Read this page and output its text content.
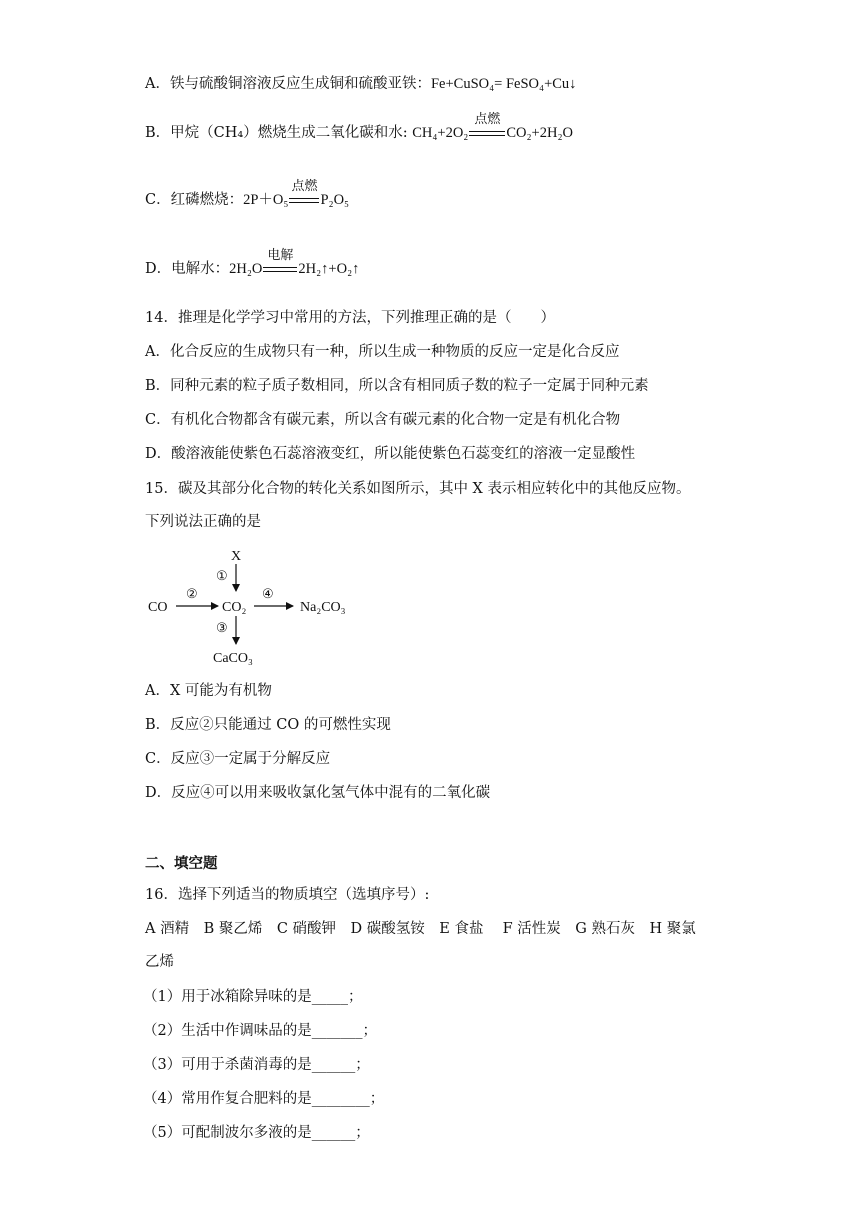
A．铁与硫酸铜溶液反应生成铜和硫酸亚铁：Fe+CuSO₄= FeSO₄+Cu↓
B．甲烷（CH₄）燃烧生成二氧化碳和水: CH₄+2O₂
点燃
CO₂+2H₂O
C．红磷燃烧：2P＋O₅
点燃
P₂O₅
D．电解水：2H₂O
电解
2H₂↑+O₂↑
14．推理是化学学习中常用的方法，下列推理正确的是（　　）
A．化合反应的生成物只有一种，所以生成一种物质的反应一定是化合反应
B．同种元素的粒子质子数相同，所以含有相同质子数的粒子一定属于同种元素
C．有机化合物都含有碳元素，所以含有碳元素的化合物一定是有机化合物
D．酸溶液能使紫色石蕊溶液变红，所以能使紫色石蕊变红的溶液一定显酸性
15．碳及其部分化合物的转化关系如图所示，其中 X 表示相应转化中的其他反应物。
下列说法正确的是
X
①
CO
②
CO₂
④
Na₂CO₃
③
CaCO₃
A．X 可能为有机物
B．反应②只能通过 CO 的可燃性实现
C．反应③一定属于分解反应
D．反应④可以用来吸收氯化氢气体中混有的二氧化碳
二、填空题
16．选择下列适当的物质填空（选填序号）:
A 酒精　B 聚乙烯　C 硝酸钾　D 碳酸氢铵　E 食盐　 F 活性炭　G 熟石灰　H 聚氯
乙烯
（1）用于冰箱除异味的是_____；
（2）生活中作调味品的是_______；
（3）可用于杀菌消毒的是______；
（4）常用作复合肥料的是________；
（5）可配制波尔多液的是______；
